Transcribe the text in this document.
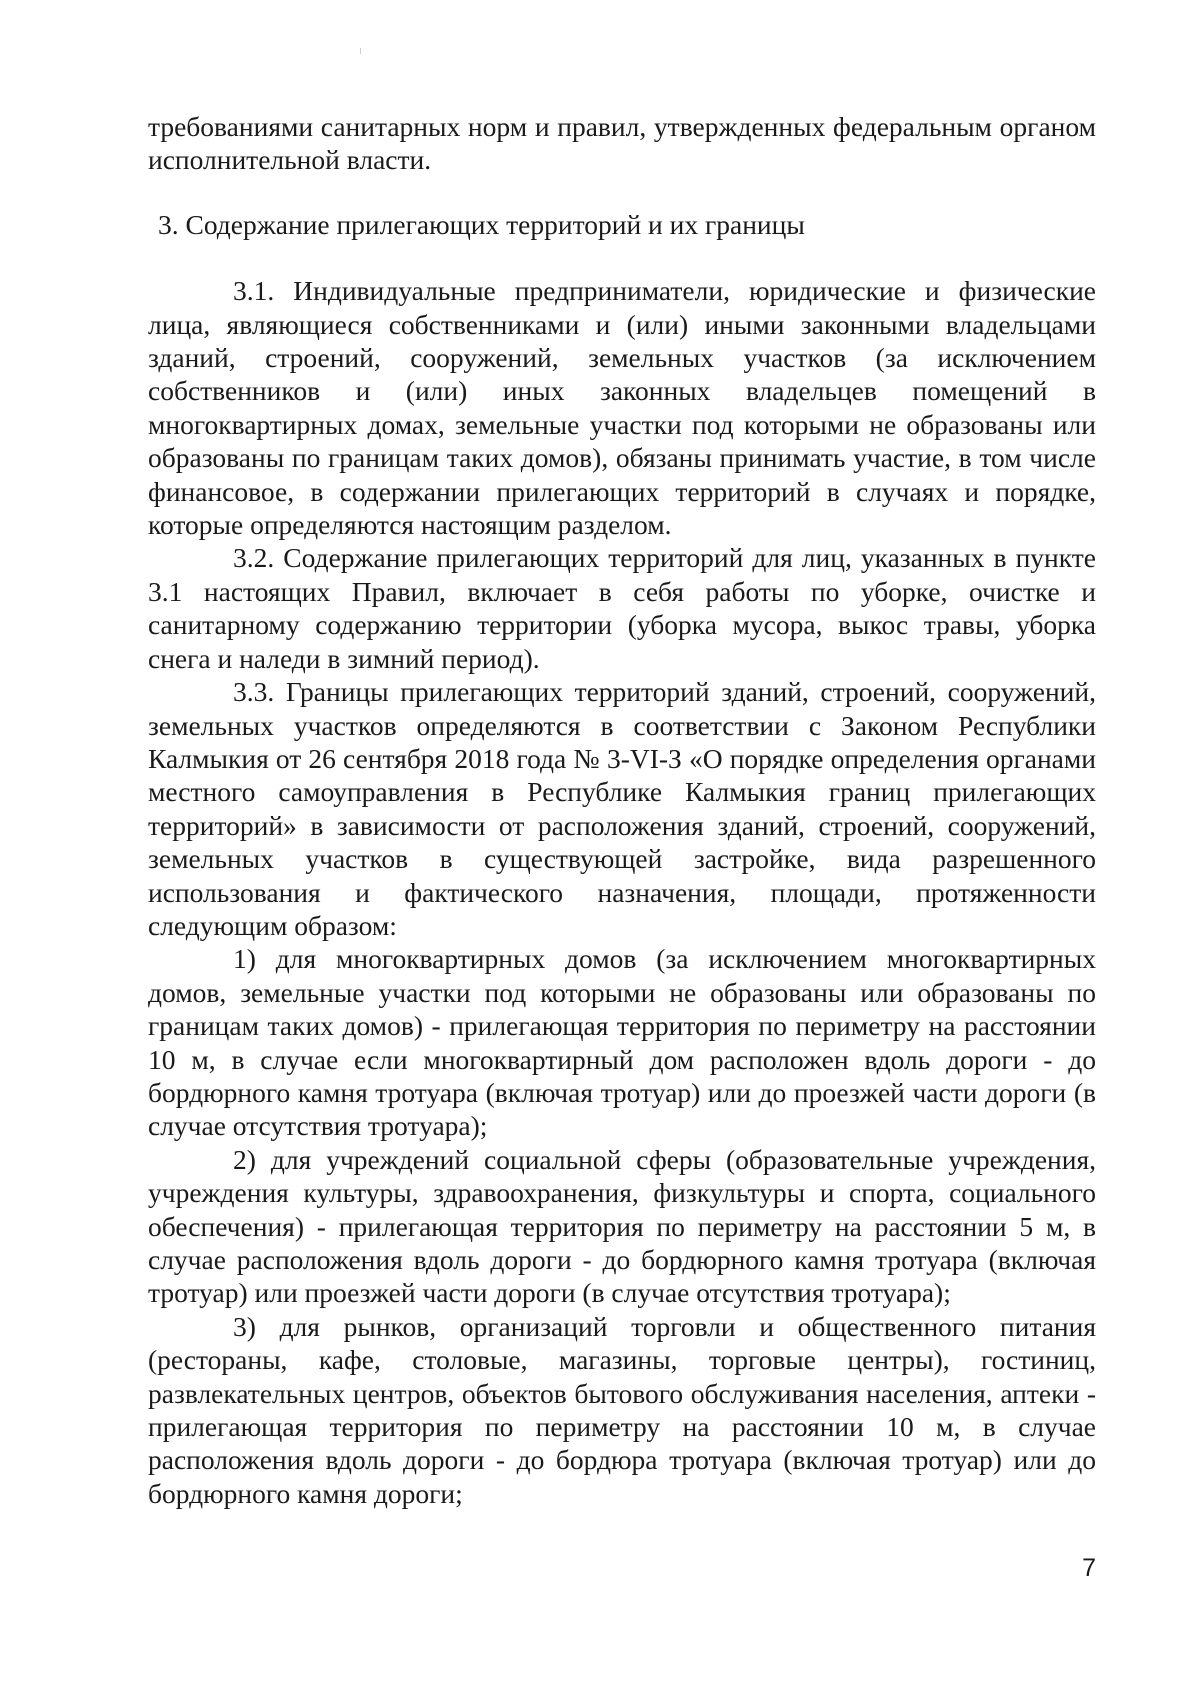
требованиями санитарных норм и правил, утвержденных федеральным органом исполнительной власти.

3. Содержание прилегающих территорий и их границы

3.1. Индивидуальные предприниматели, юридические и физические лица, являющиеся собственниками и (или) иными законными владельцами зданий, строений, сооружений, земельных участков (за исключением собственников и (или) иных законных владельцев помещений в многоквартирных домах, земельные участки под которыми не образованы или образованы по границам таких домов), обязаны принимать участие, в том числе финансовое, в содержании прилегающих территорий в случаях и порядке, которые определяются настоящим разделом.

3.2. Содержание прилегающих территорий для лиц, указанных в пункте 3.1 настоящих Правил, включает в себя работы по уборке, очистке и санитарному содержанию территории (уборка мусора, выкос травы, уборка снега и наледи в зимний период).

3.3. Границы прилегающих территорий зданий, строений, сооружений, земельных участков определяются в соответствии с Законом Республики Калмыкия от 26 сентября 2018 года № 3-VI-З «О порядке определения органами местного самоуправления в Республике Калмыкия границ прилегающих территорий» в зависимости от расположения зданий, строений, сооружений, земельных участков в существующей застройке, вида разрешенного использования и фактического назначения, площади, протяженности следующим образом:

1) для многоквартирных домов (за исключением многоквартирных домов, земельные участки под которыми не образованы или образованы по границам таких домов) - прилегающая территория по периметру на расстоянии 10 м, в случае если многоквартирный дом расположен вдоль дороги - до бордюрного камня тротуара (включая тротуар) или до проезжей части дороги (в случае отсутствия тротуара);

2) для учреждений социальной сферы (образовательные учреждения, учреждения культуры, здравоохранения, физкультуры и спорта, социального обеспечения) - прилегающая территория по периметру на расстоянии 5 м, в случае расположения вдоль дороги - до бордюрного камня тротуара (включая тротуар) или проезжей части дороги (в случае отсутствия тротуара);

3) для рынков, организаций торговли и общественного питания (рестораны, кафе, столовые, магазины, торговые центры), гостиниц, развлекательных центров, объектов бытового обслуживания населения, аптеки - прилегающая территория по периметру на расстоянии 10 м, в случае расположения вдоль дороги - до бордюра тротуара (включая тротуар) или до бордюрного камня дороги;

7
